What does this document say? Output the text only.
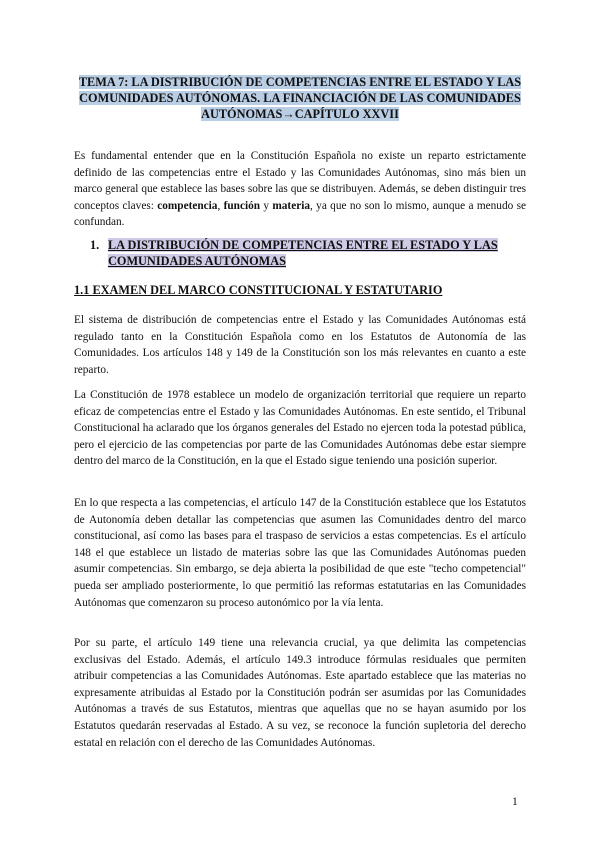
TEMA 7: LA DISTRIBUCIÓN DE COMPETENCIAS ENTRE EL ESTADO Y LAS
COMUNIDADES AUTÓNOMAS. LA FINANCIACIÓN DE LAS COMUNIDADES
AUTÓNOMAS→CAPÍTULO XXVII

Es fundamental entender que en la Constitución Española no existe un reparto estrictamente definido de las competencias entre el Estado y las Comunidades Autónomas, sino más bien un marco general que establece las bases sobre las que se distribuyen. Además, se deben distinguir tres conceptos claves: competencia, función y materia, ya que no son lo mismo, aunque a menudo se confundan.

1. LA DISTRIBUCIÓN DE COMPETENCIAS ENTRE EL ESTADO Y LAS
COMUNIDADES AUTÓNOMAS
1.1 EXAMEN DEL MARCO CONSTITUCIONAL Y ESTATUTARIO

El sistema de distribución de competencias entre el Estado y las Comunidades Autónomas está regulado tanto en la Constitución Española como en los Estatutos de Autonomía de las Comunidades. Los artículos 148 y 149 de la Constitución son los más relevantes en cuanto a este reparto.

La Constitución de 1978 establece un modelo de organización territorial que requiere un reparto eficaz de competencias entre el Estado y las Comunidades Autónomas. En este sentido, el Tribunal Constitucional ha aclarado que los órganos generales del Estado no ejercen toda la potestad pública, pero el ejercicio de las competencias por parte de las Comunidades Autónomas debe estar siempre dentro del marco de la Constitución, en la que el Estado sigue teniendo una posición superior.

En lo que respecta a las competencias, el artículo 147 de la Constitución establece que los Estatutos de Autonomía deben detallar las competencias que asumen las Comunidades dentro del marco constitucional, así como las bases para el traspaso de servicios a estas competencias. Es el artículo 148 el que establece un listado de materias sobre las que las Comunidades Autónomas pueden asumir competencias. Sin embargo, se deja abierta la posibilidad de que este "techo competencial" pueda ser ampliado posteriormente, lo que permitió las reformas estatutarias en las Comunidades Autónomas que comenzaron su proceso autonómico por la vía lenta.

Por su parte, el artículo 149 tiene una relevancia crucial, ya que delimita las competencias exclusivas del Estado. Además, el artículo 149.3 introduce fórmulas residuales que permiten atribuir competencias a las Comunidades Autónomas. Este apartado establece que las materias no expresamente atribuidas al Estado por la Constitución podrán ser asumidas por las Comunidades Autónomas a través de sus Estatutos, mientras que aquellas que no se hayan asumido por los Estatutos quedarán reservadas al Estado. A su vez, se reconoce la función supletoria del derecho estatal en relación con el derecho de las Comunidades Autónomas.

1
